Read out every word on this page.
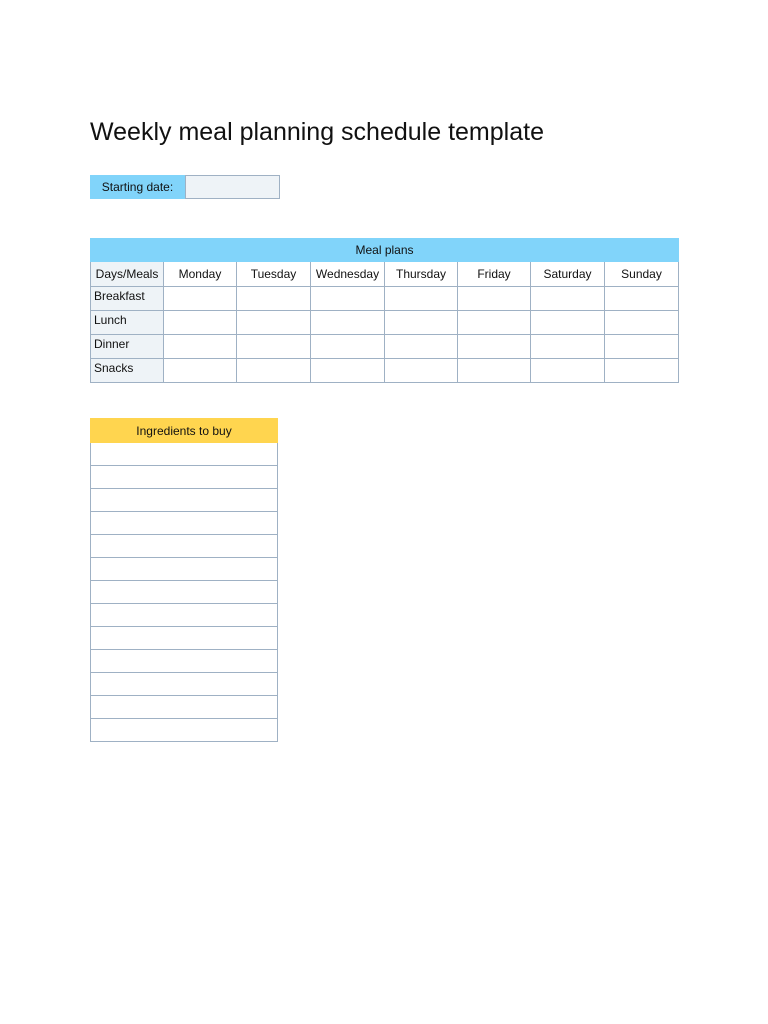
Weekly meal planning schedule template
Starting date:
Meal plans							
Days/Meals	Monday	Tuesday	Wednesday	Thursday	Friday	Saturday	Sunday
Breakfast							
Lunch							
Dinner							
Snacks							
Ingredients to buy
